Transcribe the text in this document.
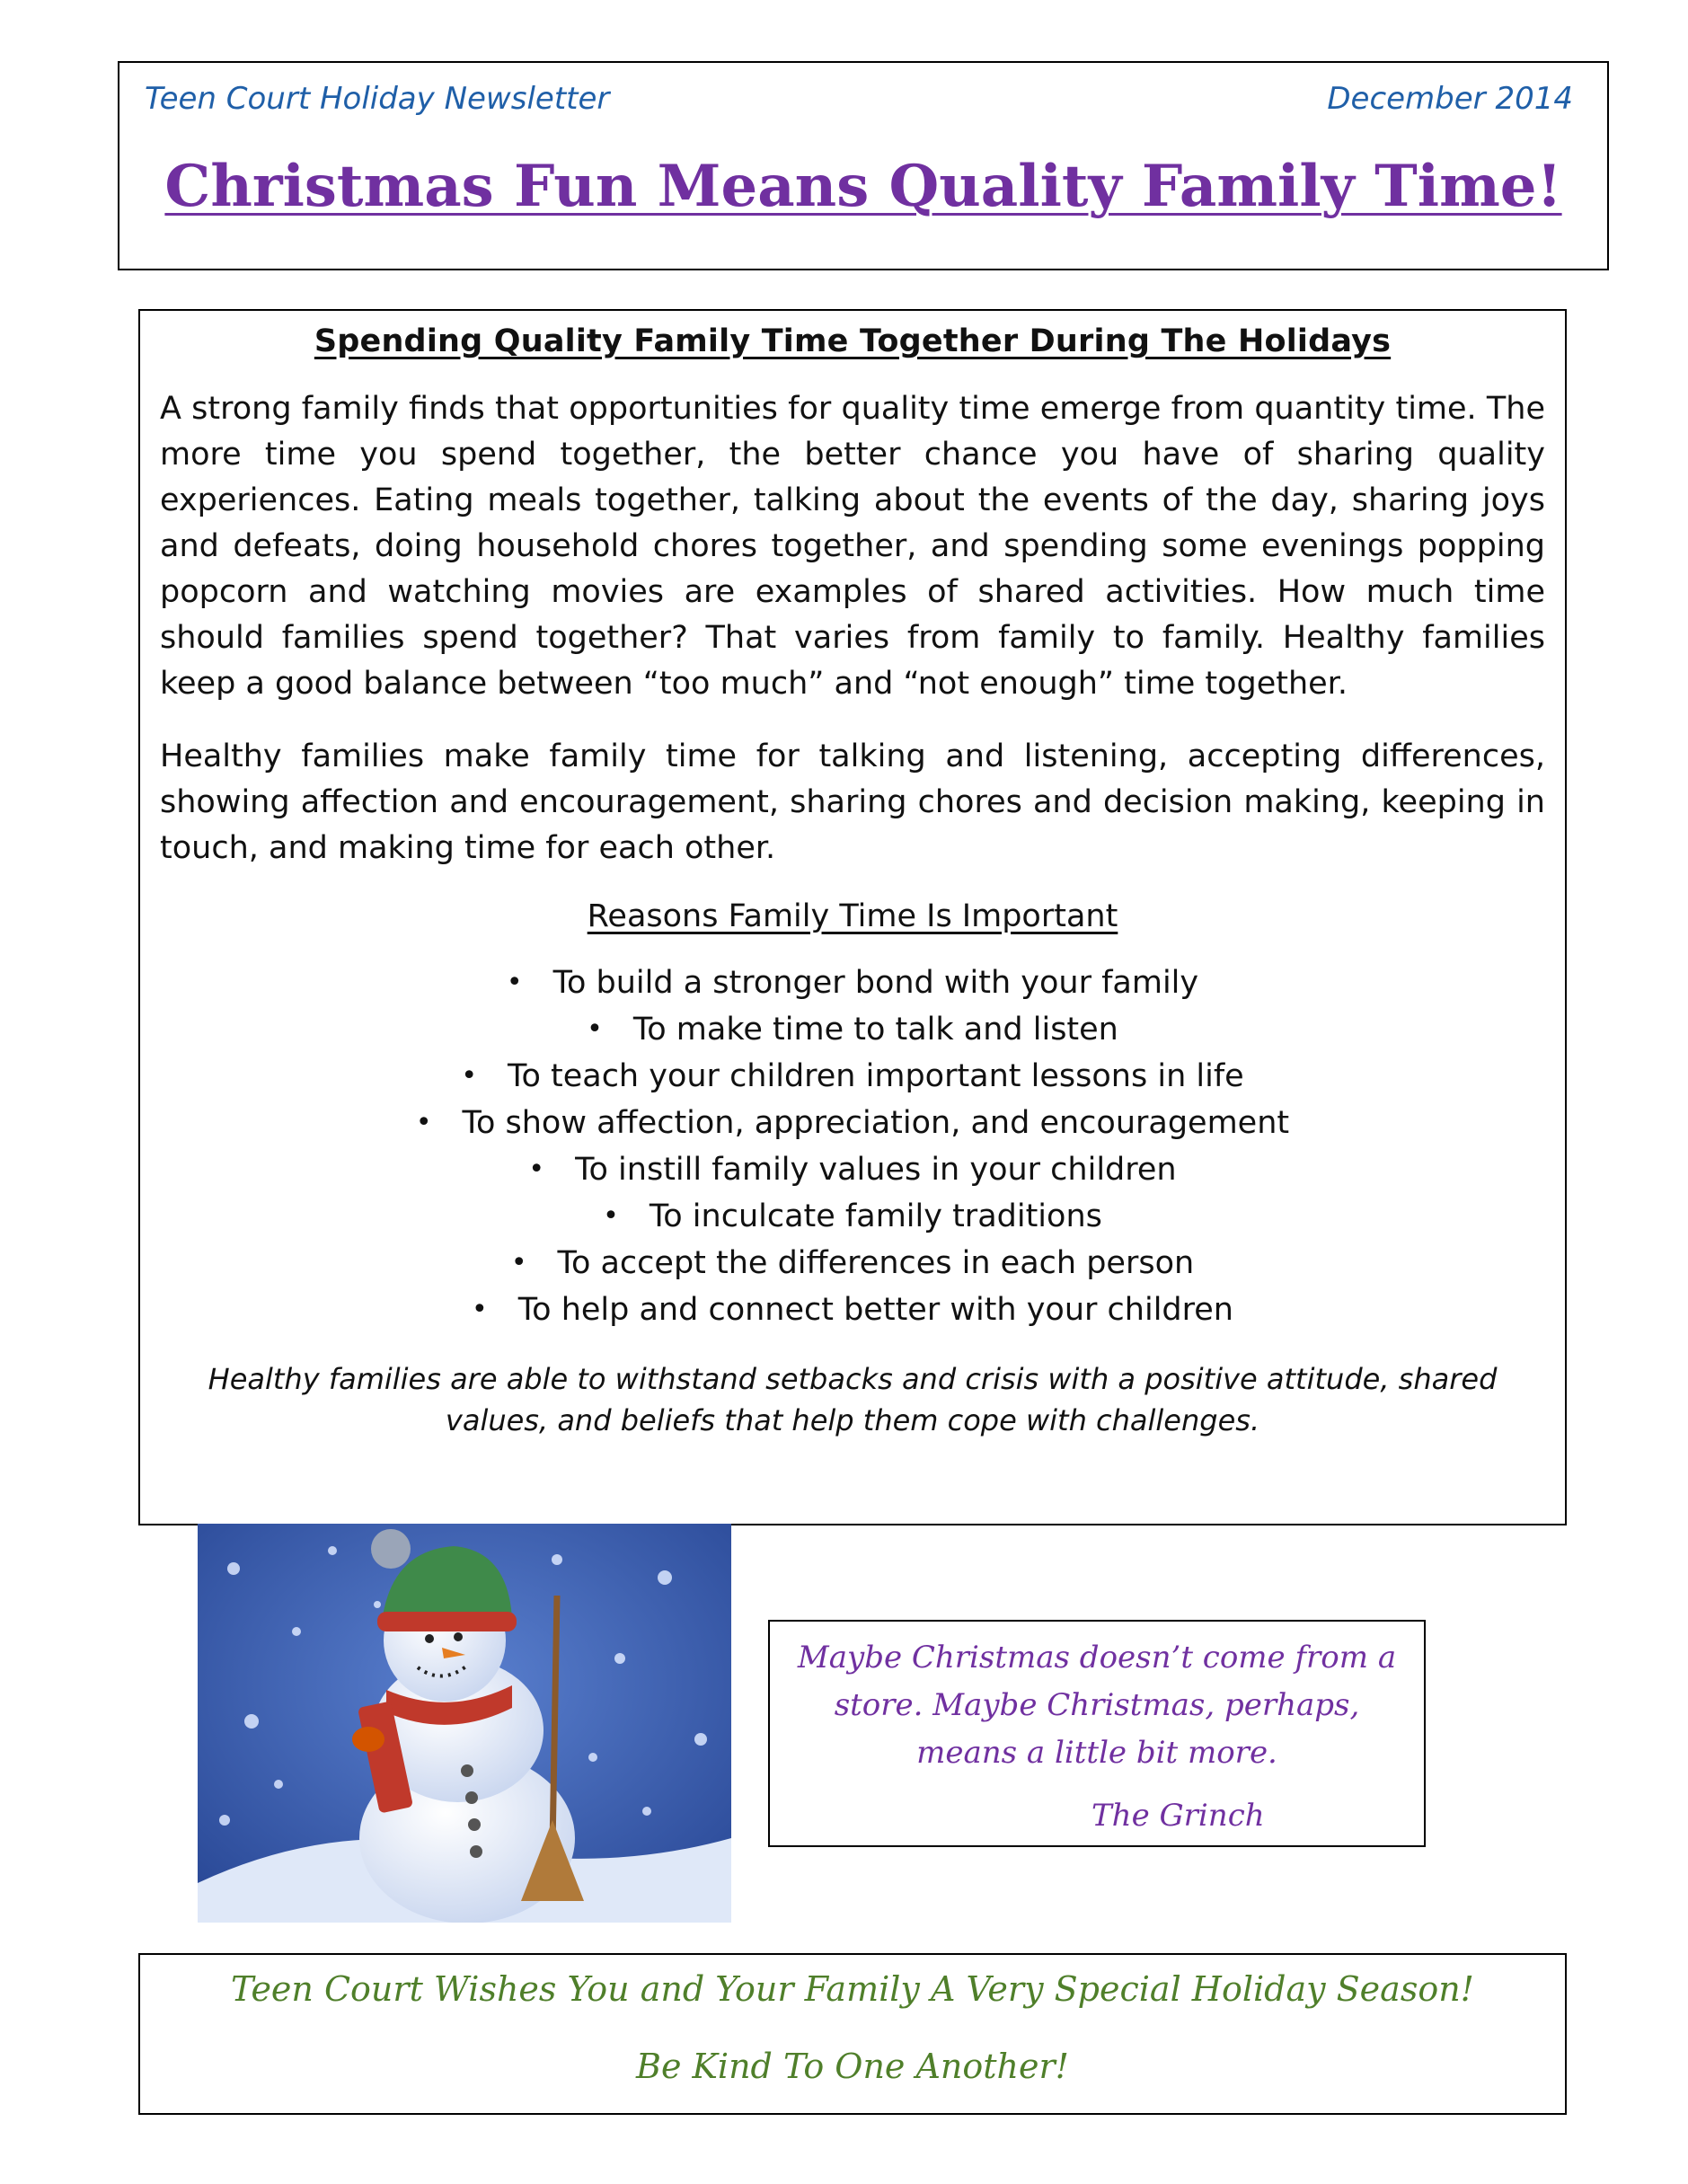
Teen Court Holiday Newsletter	December 2014
Christmas Fun Means Quality Family Time!
Spending Quality Family Time Together During The Holidays

A strong family finds that opportunities for quality time emerge from quantity time. The more time you spend together, the better chance you have of sharing quality experiences. Eating meals together, talking about the events of the day, sharing joys and defeats, doing household chores together, and spending some evenings popping popcorn and watching movies are examples of shared activities. How much time should families spend together? That varies from family to family. Healthy families keep a good balance between “too much” and “not enough” time together.

Healthy families make family time for talking and listening, accepting differences, showing affection and encouragement, sharing chores and decision making, keeping in touch, and making time for each other.

Reasons Family Time Is Important
• To build a stronger bond with your family
• To make time to talk and listen
• To teach your children important lessons in life
• To show affection, appreciation, and encouragement
• To instill family values in your children
• To inculcate family traditions
• To accept the differences in each person
• To help and connect better with your children
Healthy families are able to withstand setbacks and crisis with a positive attitude, shared values, and beliefs that help them cope with challenges.
Maybe Christmas doesn’t come from a store. Maybe Christmas, perhaps, means a little bit more.
The Grinch
Teen Court Wishes You and Your Family A Very Special Holiday Season!
Be Kind To One Another!
